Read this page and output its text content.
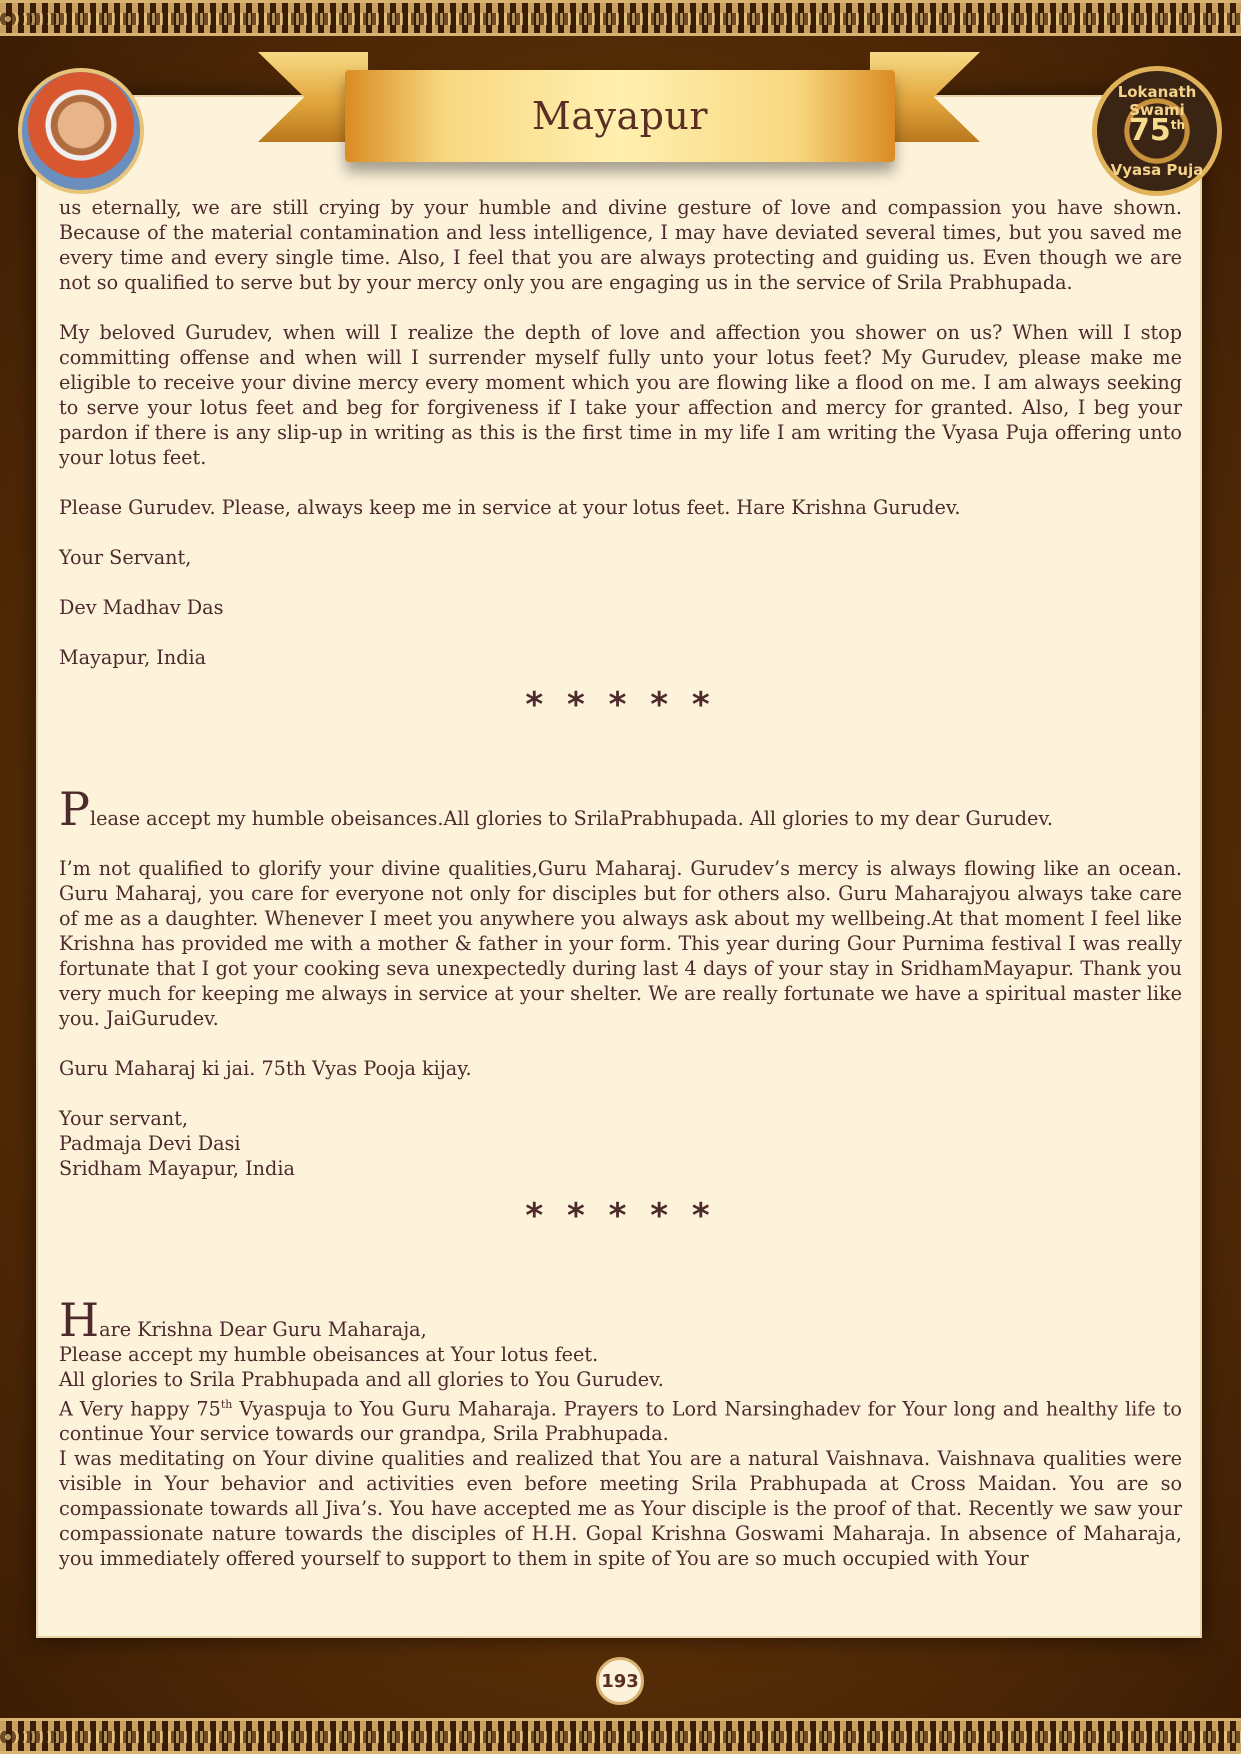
Mayapur
Lokanath Swami
75th
Vyasa Puja

us eternally, we are still crying by your humble and divine gesture of love and compassion you have shown. Because of the material contamination and less intelligence, I may have deviated several times, but you saved me every time and every single time. Also, I feel that you are always protecting and guiding us. Even though we are not so qualified to serve but by your mercy only you are engaging us in the service of Srila Prabhupada.

My beloved Gurudev, when will I realize the depth of love and affection you shower on us? When will I stop committing offense and when will I surrender myself fully unto your lotus feet? My Gurudev, please make me eligible to receive your divine mercy every moment which you are flowing like a flood on me. I am always seeking to serve your lotus feet and beg for forgiveness if I take your affection and mercy for granted. Also, I beg your pardon if there is any slip-up in writing as this is the first time in my life I am writing the Vyasa Puja offering unto your lotus feet.

Please Gurudev. Please, always keep me in service at your lotus feet. Hare Krishna Gurudev.

Your Servant,

Dev Madhav Das

Mayapur, India

* * * * *

Please accept my humble obeisances.All glories to SrilaPrabhupada. All glories to my dear Gurudev.

I’m not qualified to glorify your divine qualities,Guru Maharaj. Gurudev’s mercy is always flowing like an ocean. Guru Maharaj, you care for everyone not only for disciples but for others also. Guru Maharajyou always take care of me as a daughter. Whenever I meet you anywhere you always ask about my wellbeing.At that moment I feel like Krishna has provided me with a mother & father in your form. This year during Gour Purnima festival I was really fortunate that I got your cooking seva unexpectedly during last 4 days of your stay in SridhamMayapur. Thank you very much for keeping me always in service at your shelter. We are really fortunate we have a spiritual master like you. JaiGurudev.

Guru Maharaj ki jai. 75th Vyas Pooja kijay.

Your servant,

Padmaja Devi Dasi

Sridham Mayapur, India

* * * * *

Hare Krishna Dear Guru Maharaja,

Please accept my humble obeisances at Your lotus feet.

All glories to Srila Prabhupada and all glories to You Gurudev.

A Very happy 75th Vyaspuja to You Guru Maharaja. Prayers to Lord Narsinghadev for Your long and healthy life to continue Your service towards our grandpa, Srila Prabhupada.

I was meditating on Your divine qualities and realized that You are a natural Vaishnava. Vaishnava qualities were visible in Your behavior and activities even before meeting Srila Prabhupada at Cross Maidan. You are so compassionate towards all Jiva’s. You have accepted me as Your disciple is the proof of that. Recently we saw your compassionate nature towards the disciples of H.H. Gopal Krishna Goswami Maharaja. In absence of Maharaja, you immediately offered yourself to support to them in spite of You are so much occupied with Your

193
